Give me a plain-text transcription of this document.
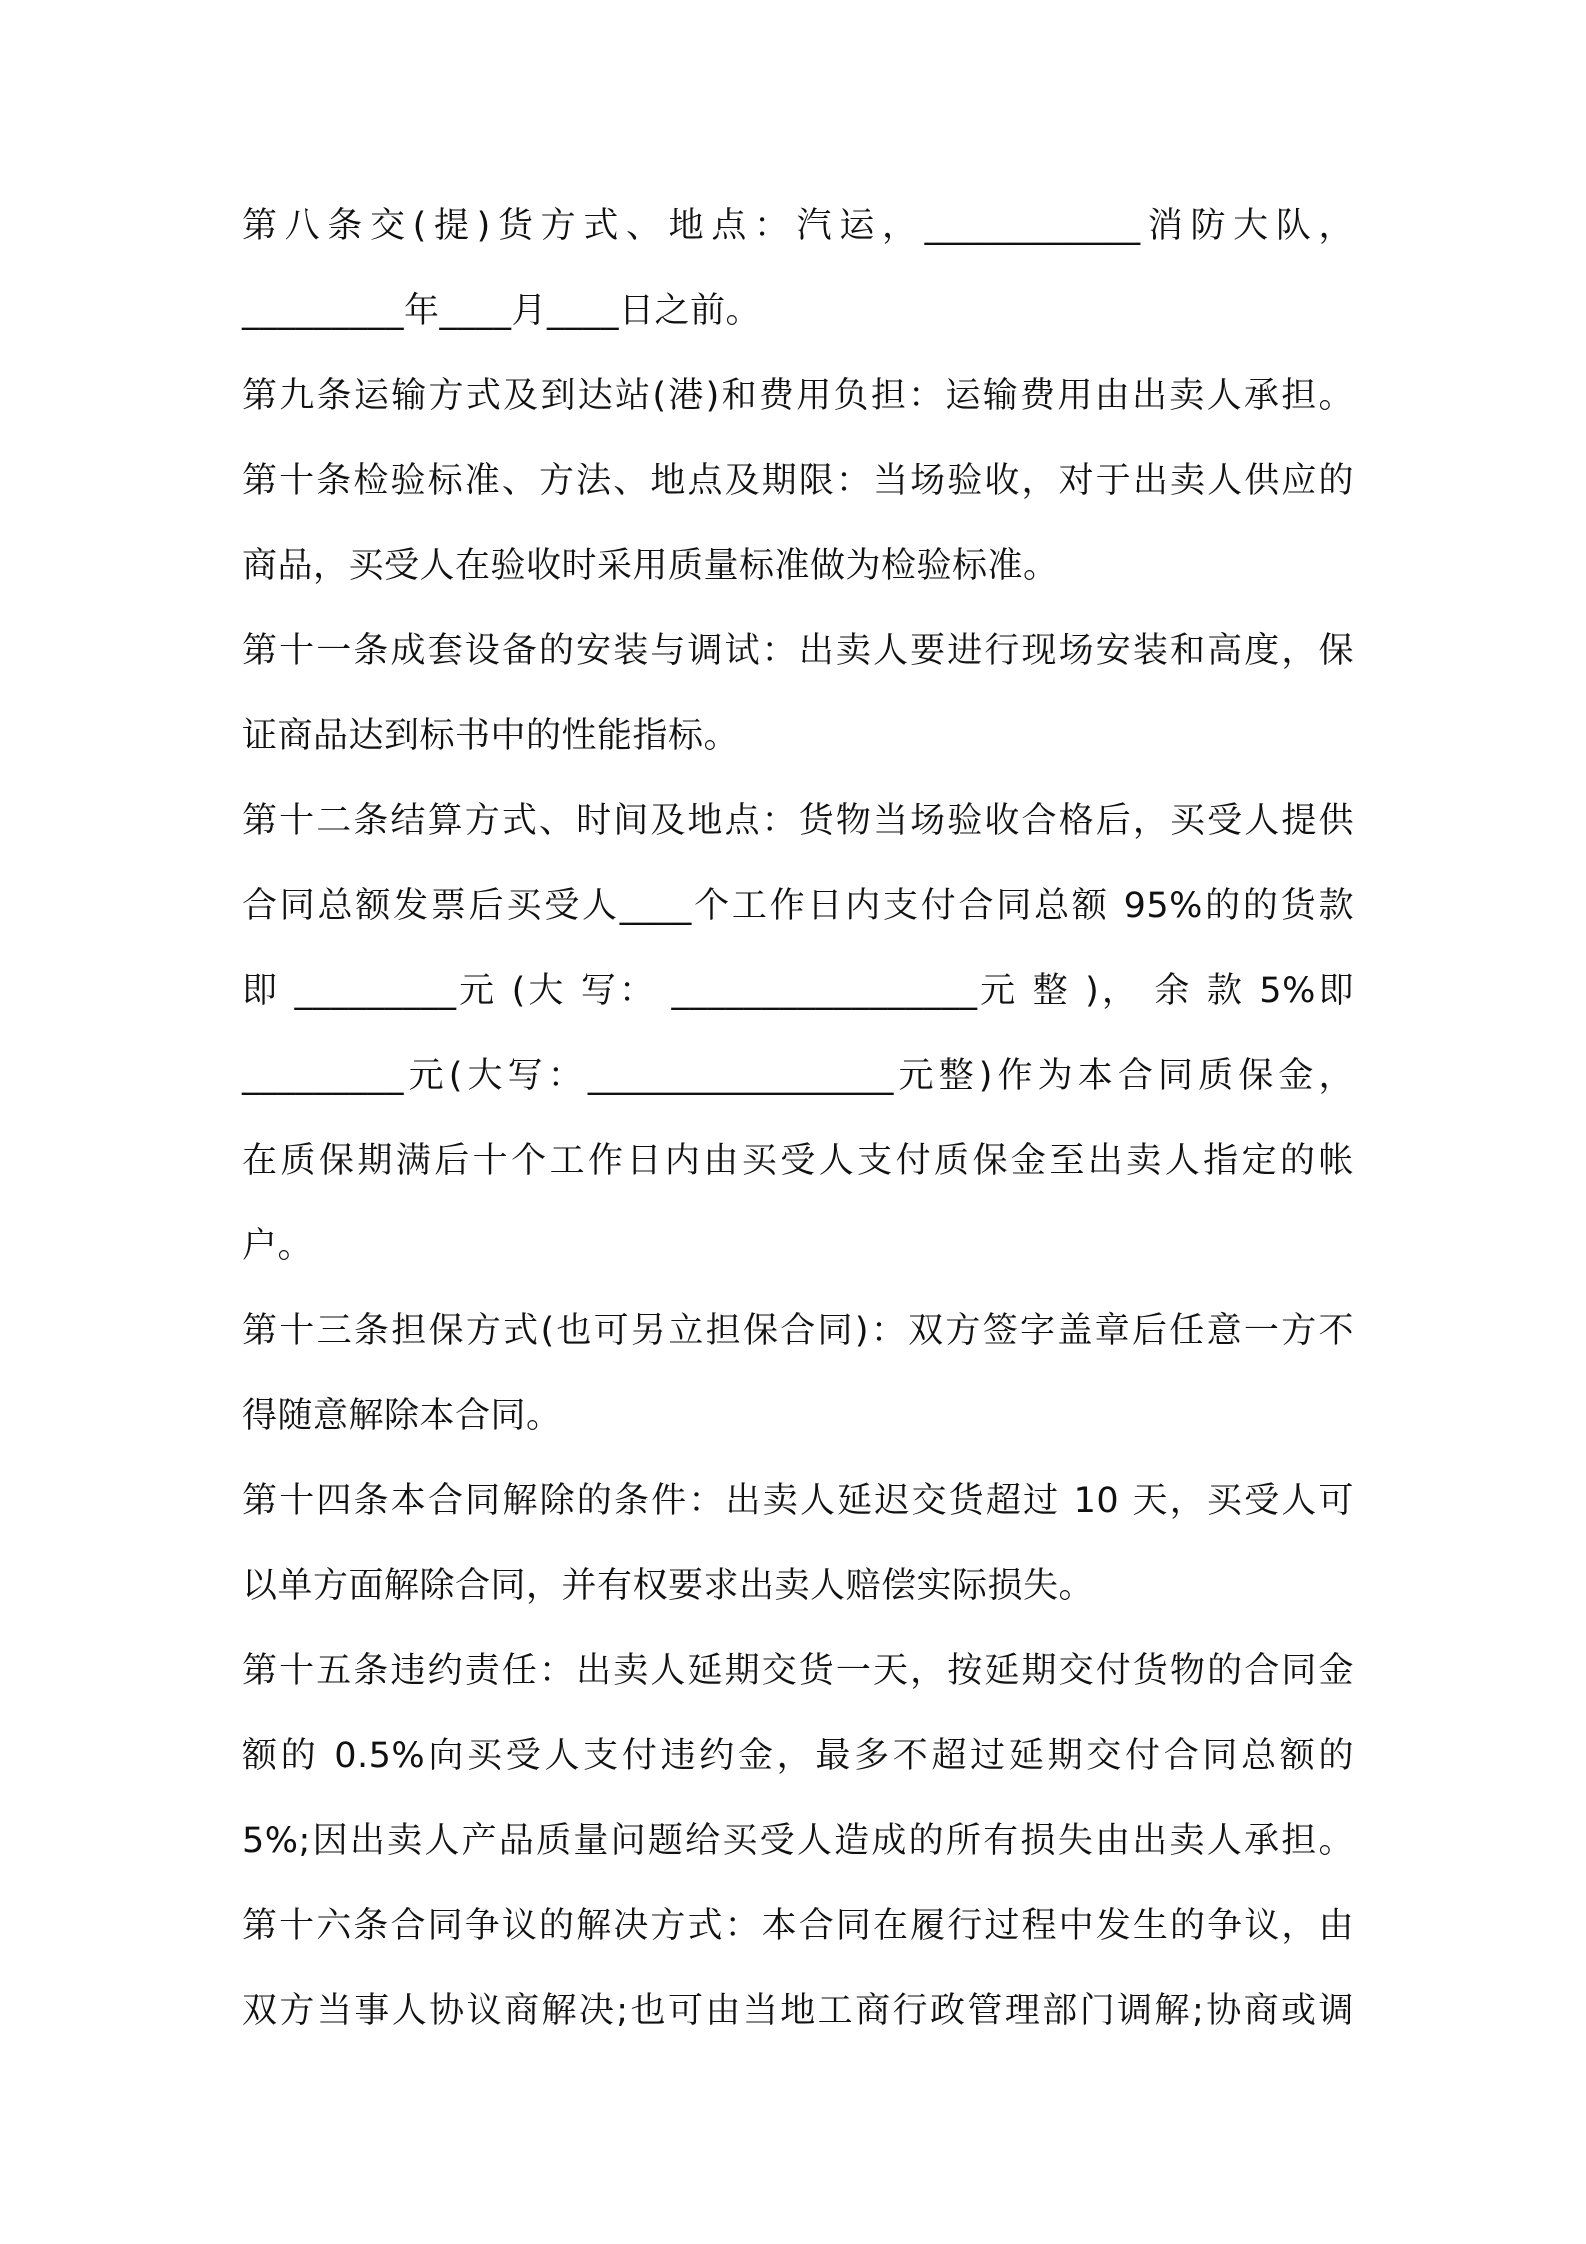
第八条交(提)货方式、地点：汽运，____________消防大队，
_________年____月____日之前。
第九条运输方式及到达站(港)和费用负担：运输费用由出卖人承担。
第十条检验标准、方法、地点及期限：当场验收，对于出卖人供应的
商品，买受人在验收时采用质量标准做为检验标准。
第十一条成套设备的安装与调试：出卖人要进行现场安装和高度，保
证商品达到标书中的性能指标。
第十二条结算方式、时间及地点：货物当场验收合格后，买受人提供
合同总额发票后买受人____个工作日内支付合同总额 95%的的货款
即 _________元 (大 写： _________________元 整 )， 余 款 5%即
_________元(大写：_________________元整)作为本合同质保金，
在质保期满后十个工作日内由买受人支付质保金至出卖人指定的帐
户。
第十三条担保方式(也可另立担保合同)：双方签字盖章后任意一方不
得随意解除本合同。
第十四条本合同解除的条件：出卖人延迟交货超过 10 天，买受人可
以单方面解除合同，并有权要求出卖人赔偿实际损失。
第十五条违约责任：出卖人延期交货一天，按延期交付货物的合同金
额的 0.5%向买受人支付违约金，最多不超过延期交付合同总额的
5%;因出卖人产品质量问题给买受人造成的所有损失由出卖人承担。
第十六条合同争议的解决方式：本合同在履行过程中发生的争议，由
双方当事人协议商解决;也可由当地工商行政管理部门调解;协商或调
